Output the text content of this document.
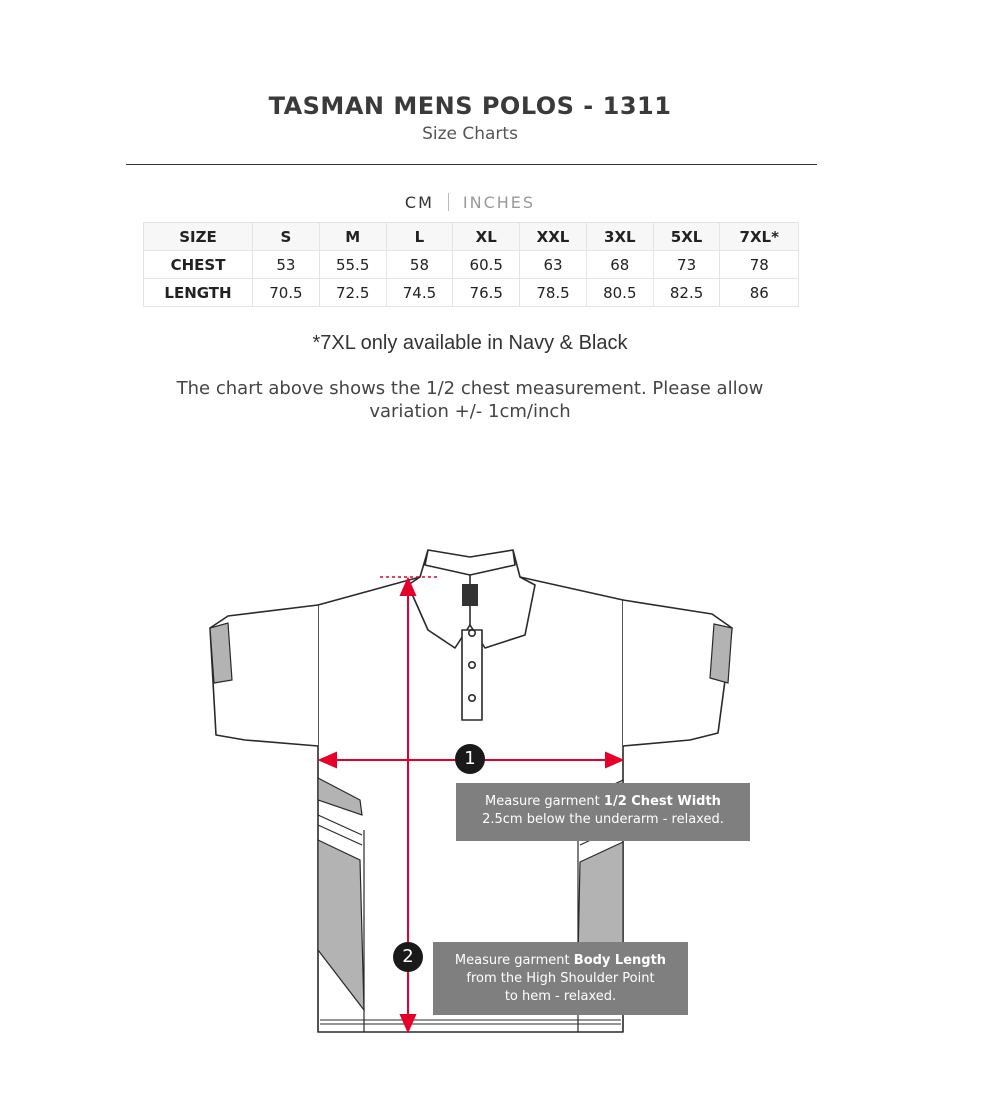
TASMAN MENS POLOS - 1311
Size Charts
CM INCHES
SIZE	S	M	L	XL	XXL	3XL	5XL	7XL*
CHEST	53	55.5	58	60.5	63	68	73	78
LENGTH	70.5	72.5	74.5	76.5	78.5	80.5	82.5	86
*7XL only available in Navy & Black
The chart above shows the 1/2 chest measurement. Please allow variation +/- 1cm/inch
1
2
Measure garment 1/2 Chest Width
2.5cm below the underarm - relaxed.
Measure garment Body Length
from the High Shoulder Point
to hem - relaxed.
